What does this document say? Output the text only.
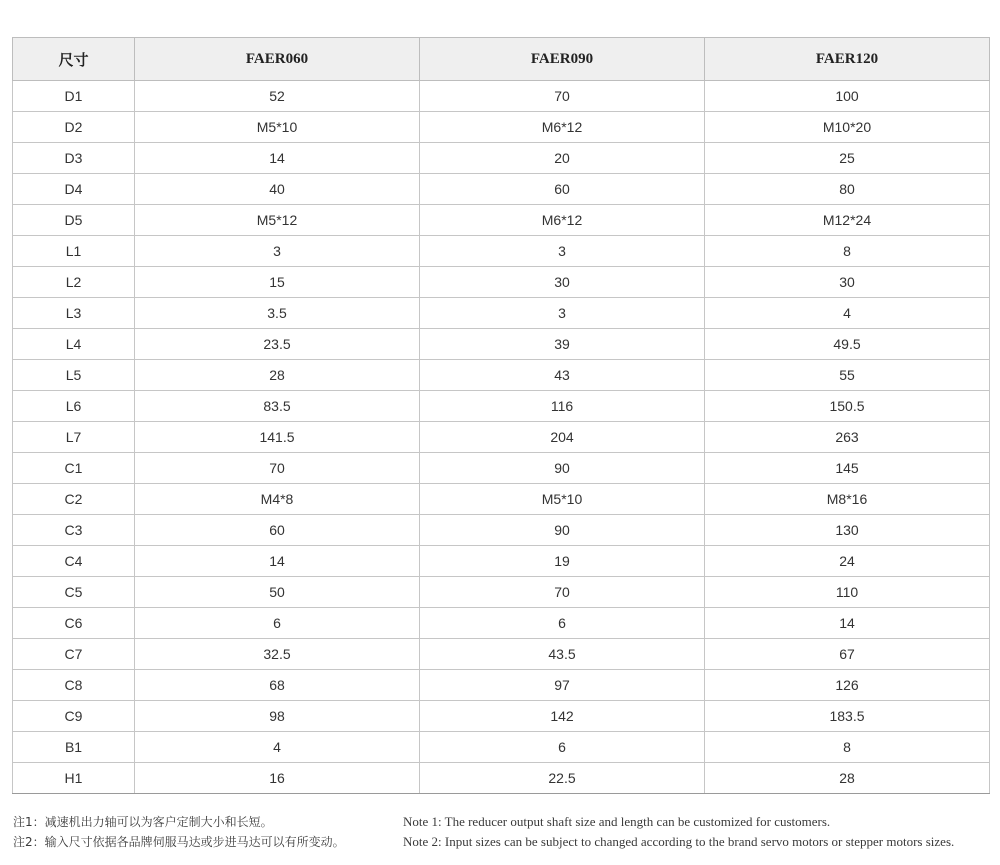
尺寸	FAER060	FAER090	FAER120
D1	52	70	100
D2	M5*10	M6*12	M10*20
D3	14	20	25
D4	40	60	80
D5	M5*12	M6*12	M12*24
L1	3	3	8
L2	15	30	30
L3	3.5	3	4
L4	23.5	39	49.5
L5	28	43	55
L6	83.5	116	150.5
L7	141.5	204	263
C1	70	90	145
C2	M4*8	M5*10	M8*16
C3	60	90	130
C4	14	19	24
C5	50	70	110
C6	6	6	14
C7	32.5	43.5	67
C8	68	97	126
C9	98	142	183.5
B1	4	6	8
H1	16	22.5	28
注1：减速机出力轴可以为客户定制大小和长短。
注2：输入尺寸依据各品牌伺服马达或步进马达可以有所变动。
Note 1: The reducer output shaft size and length can be customized for customers.
Note 2: Input sizes can be subject to changed according to the brand servo motors or stepper motors sizes.
